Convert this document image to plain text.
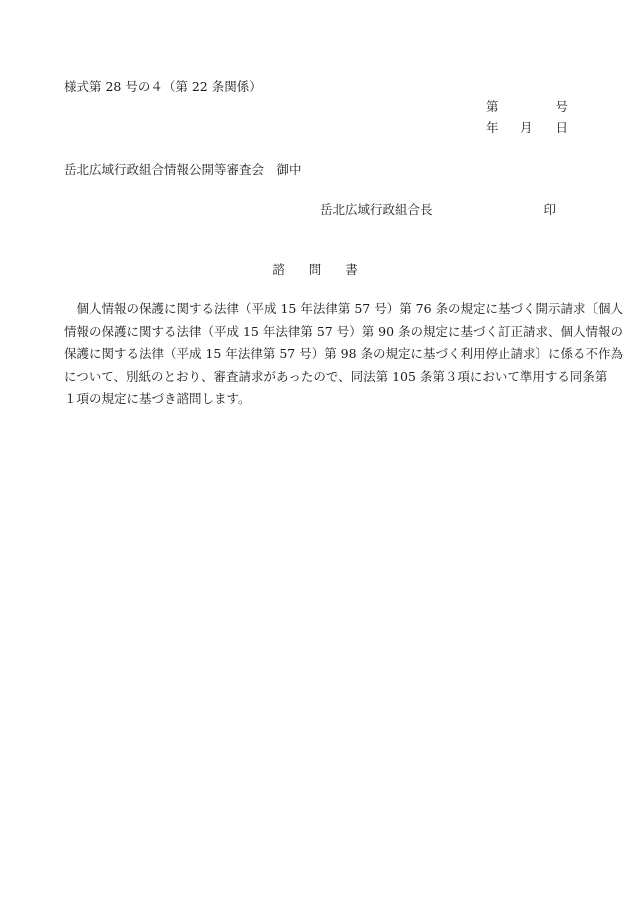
様式第 28 号の４（第 22 条関係）
第	号
年 月 日
岳北広域行政組合情報公開等審査会　御中
岳北広域行政組合長	印
諮 問 書
　個人情報の保護に関する法律（平成 15 年法律第 57 号）第 76 条の規定に基づく開示請求〔個人
情報の保護に関する法律（平成 15 年法律第 57 号）第 90 条の規定に基づく訂正請求、個人情報の
保護に関する法律（平成 15 年法律第 57 号）第 98 条の規定に基づく利用停止請求〕に係る不作為
について、別紙のとおり、審査請求があったので、同法第 105 条第３項において準用する同条第
１項の規定に基づき諮問します。
